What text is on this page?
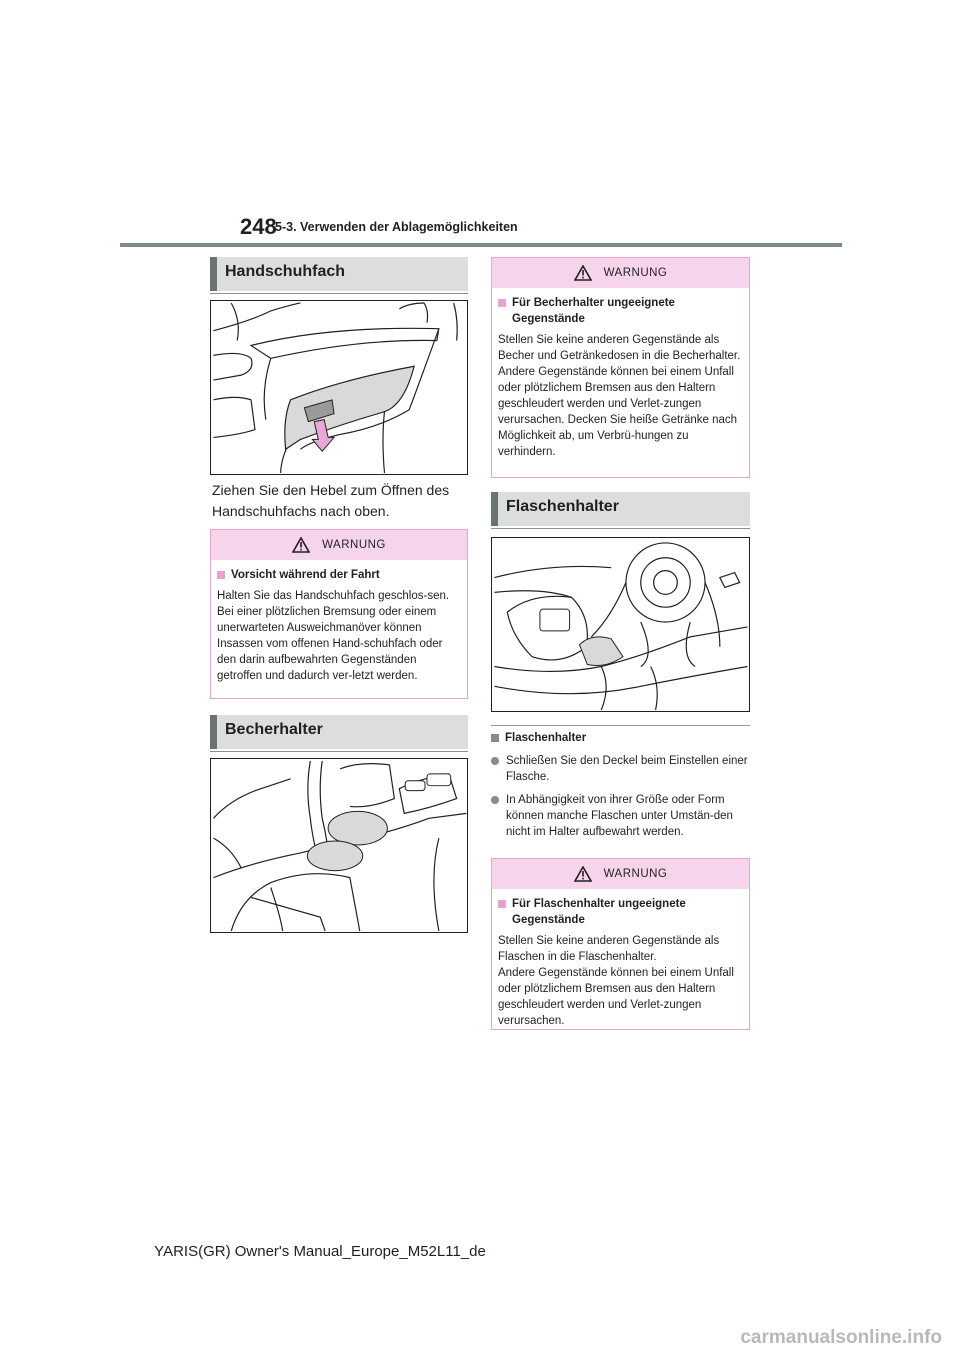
248
5-3. Verwenden der Ablagemöglichkeiten
Handschuhfach
Ziehen Sie den Hebel zum Öffnen des Handschuhfachs nach oben.
WARNUNG
Vorsicht während der Fahrt

Halten Sie das Handschuhfach geschlos-sen. Bei einer plötzlichen Bremsung oder einem unerwarteten Ausweichmanöver können Insassen vom offenen Hand-schuhfach oder den darin aufbewahrten Gegenständen getroffen und dadurch ver-letzt werden.

Becherhalter
WARNUNG
Für Becherhalter ungeeignete Gegenstände

Stellen Sie keine anderen Gegenstände als Becher und Getränkedosen in die Becherhalter.

Andere Gegenstände können bei einem Unfall oder plötzlichem Bremsen aus den Haltern geschleudert werden und Verlet-zungen verursachen. Decken Sie heiße Getränke nach Möglichkeit ab, um Verbrü-hungen zu verhindern.

Flaschenhalter
Flaschenhalter
Schließen Sie den Deckel beim Einstellen einer Flasche.
In Abhängigkeit von ihrer Größe oder Form können manche Flaschen unter Umstän-den nicht im Halter aufbewahrt werden.
WARNUNG
Für Flaschenhalter ungeeignete Gegenstände

Stellen Sie keine anderen Gegenstände als Flaschen in die Flaschenhalter.

Andere Gegenstände können bei einem Unfall oder plötzlichem Bremsen aus den Haltern geschleudert werden und Verlet-zungen verursachen.

YARIS(GR) Owner's Manual_Europe_M52L11_de
carmanualsonline.info
